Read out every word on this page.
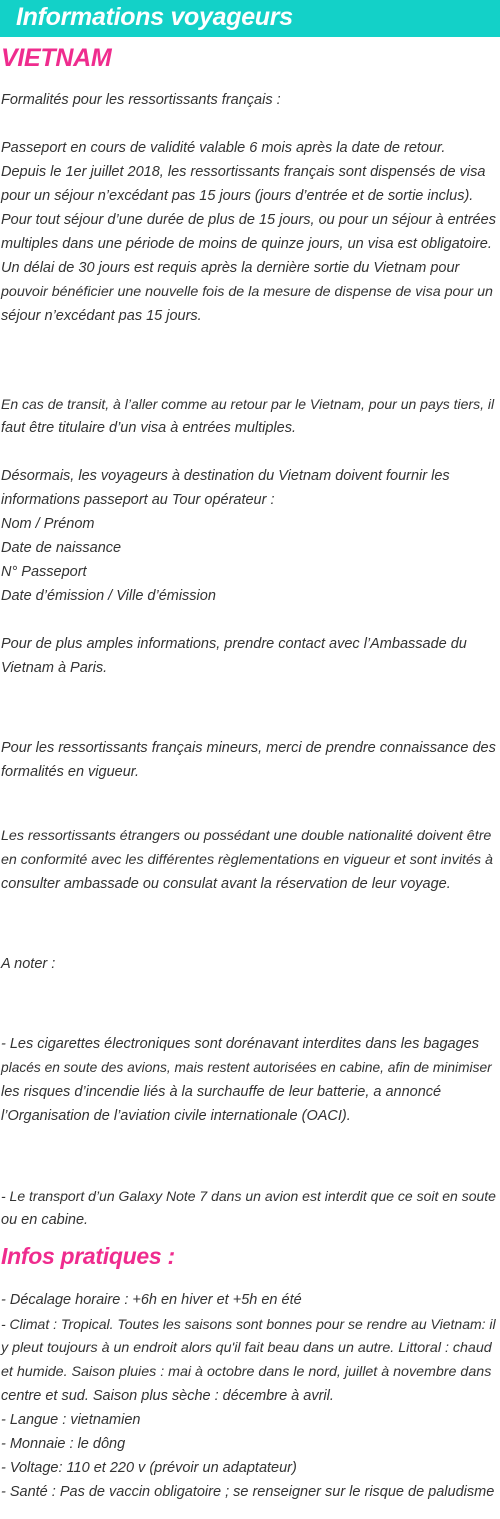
Informations voyageurs
VIETNAM
Formalités pour les ressortissants français :
Passeport en cours de validité valable 6 mois après la date de retour.
Depuis le 1er juillet 2018, les ressortissants français sont dispensés de visa
pour un séjour n’excédant pas 15 jours (jours d’entrée et de sortie inclus).
Pour tout séjour d’une durée de plus de 15 jours, ou pour un séjour à entrées
multiples dans une période de moins de quinze jours, un visa est obligatoire.
Un délai de 30 jours est requis après la dernière sortie du Vietnam pour
pouvoir bénéficier une nouvelle fois de la mesure de dispense de visa pour un
séjour n’excédant pas 15 jours.
En cas de transit, à l’aller comme au retour par le Vietnam, pour un pays tiers, il
faut être titulaire d’un visa à entrées multiples.
Désormais, les voyageurs à destination du Vietnam doivent fournir les
informations passeport au Tour opérateur :
Nom / Prénom
Date de naissance
N° Passeport
Date d’émission / Ville d’émission
Pour de plus amples informations, prendre contact avec l’Ambassade du
Vietnam à Paris.
Pour les ressortissants français mineurs, merci de prendre connaissance des
formalités en vigueur.
Les ressortissants étrangers ou possédant une double nationalité doivent être
en conformité avec les différentes règlementations en vigueur et sont invités à
consulter ambassade ou consulat avant la réservation de leur voyage.
A noter :
- Les cigarettes électroniques sont dorénavant interdites dans les bagages
placés en soute des avions, mais restent autorisées en cabine, afin de minimiser
les risques d’incendie liés à la surchauffe de leur batterie, a annoncé
l’Organisation de l’aviation civile internationale (OACI).
- Le transport d’un Galaxy Note 7 dans un avion est interdit que ce soit en soute
ou en cabine.
Infos pratiques :
- Décalage horaire : +6h en hiver et +5h en été
- Climat : Tropical. Toutes les saisons sont bonnes pour se rendre au Vietnam: il
y pleut toujours à un endroit alors qu'il fait beau dans un autre. Littoral : chaud
et humide. Saison pluies : mai à octobre dans le nord, juillet à novembre dans
centre et sud. Saison plus sèche : décembre à avril.
- Langue : vietnamien
- Monnaie : le dông
- Voltage: 110 et 220 v (prévoir un adaptateur)
- Santé : Pas de vaccin obligatoire ; se renseigner sur le risque de paludisme
